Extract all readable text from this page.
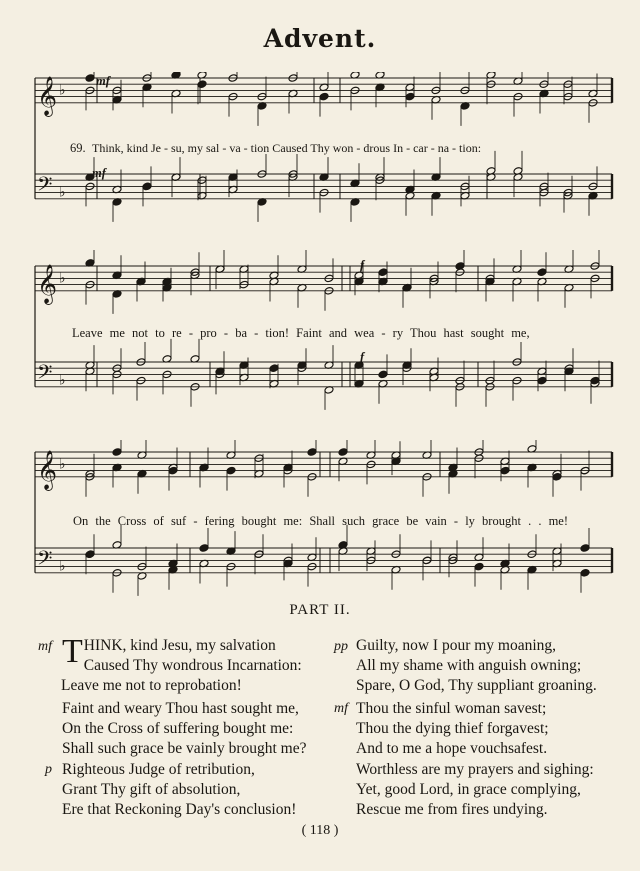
Advent.
𝄞
𝄢
♭
♭
mf
mf
69. Think, kind Je - su, my sal - va - tion Caused Thy won - drous In - car - na - tion:
𝄞
𝄢
♭
♭
f
f
Leave me not to re - pro - ba - tion! Faint and wea - ry Thou hast sought me,
𝄞
𝄢
♭
♭
On the Cross of suf - fering bought me: Shall such grace be vain - ly brought . . me!
PART II.
mf T HINK, kind Jesu, my salvation
Caused Thy wondrous Incarnation:
Leave me not to reprobation!
Faint and weary Thou hast sought me,
On the Cross of suffering bought me:
Shall such grace be vainly brought me?
p Righteous Judge of retribution,
Grant Thy gift of absolution,
Ere that Reckoning Day's conclusion!
pp Guilty, now I pour my moaning,
All my shame with anguish owning;
Spare, O God, Thy suppliant groaning.
mf Thou the sinful woman savest;
Thou the dying thief forgavest;
And to me a hope vouchsafest.
Worthless are my prayers and sighing:
Yet, good Lord, in grace complying,
Rescue me from fires undying.
( 118 )
